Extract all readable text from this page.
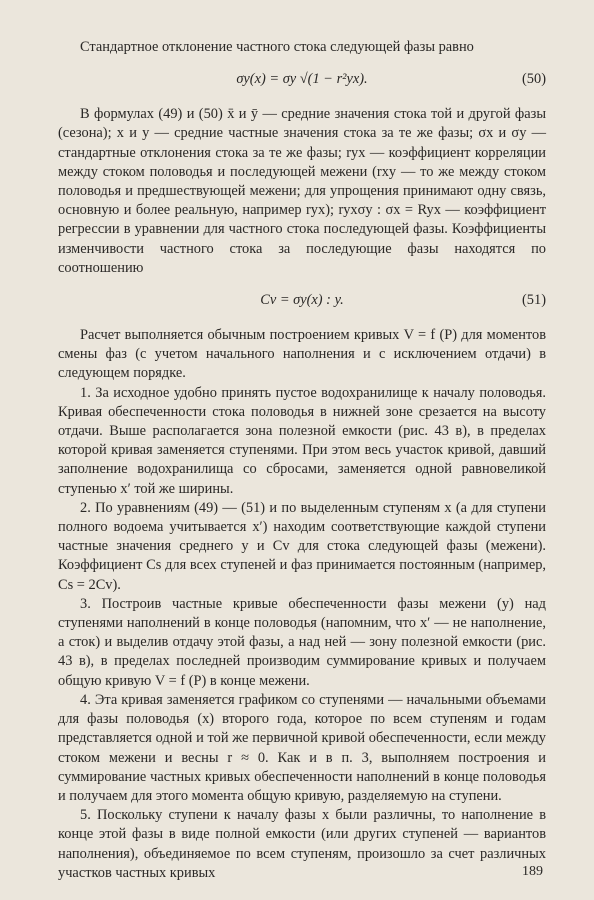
Стандартное отклонение частного стока следующей фазы равно

σy(x) = σy √(1 − r²yx).	(50)

В формулах (49) и (50) x̄ и ȳ — средние значения стока той и другой фазы (сезона); x и y — средние частные значения стока за те же фазы; σx и σy — стандартные отклонения стока за те же фазы; ryx — коэффициент корреляции между стоком половодья и последующей межени (rxy — то же между стоком половодья и предшествующей межени; для упрощения принимают одну связь, основную и более реальную, например ryx); ryxσy : σx = Ryx — коэффициент регрессии в уравнении для частного стока последующей фазы. Коэффициенты изменчивости частного стока за последующие фазы находятся по соотношению

Cv = σy(x) : y.	(51)

Расчет выполняется обычным построением кривых V = f (P) для моментов смены фаз (с учетом начального наполнения и с исключением отдачи) в следующем порядке.

1. За исходное удобно принять пустое водохранилище к началу половодья. Кривая обеспеченности стока половодья в нижней зоне срезается на высоту отдачи. Выше располагается зона полезной емкости (рис. 43 в), в пределах которой кривая заменяется ступенями. При этом весь участок кривой, давший заполнение водохранилища со сбросами, заменяется одной равновеликой ступенью x′ той же ширины.

2. По уравнениям (49) — (51) и по выделенным ступеням x (а для ступени полного водоема учитывается x′) находим соответствующие каждой ступени частные значения среднего y и Cv для стока следующей фазы (межени). Коэффициент Cs для всех ступеней и фаз принимается постоянным (например, Cs = 2Cv).

3. Построив частные кривые обеспеченности фазы межени (y) над ступенями наполнений в конце половодья (напомним, что x′ — не наполнение, а сток) и выделив отдачу этой фазы, а над ней — зону полезной емкости (рис. 43 в), в пределах последней производим суммирование кривых и получаем общую кривую V = f (P) в конце межени.

4. Эта кривая заменяется графиком со ступенями — начальными объемами для фазы половодья (x) второго года, которое по всем ступеням и годам представляется одной и той же первичной кривой обеспеченности, если между стоком межени и весны r ≈ 0. Как и в п. 3, выполняем построения и суммирование частных кривых обеспеченности наполнений в конце половодья и получаем для этого момента общую кривую, разделяемую на ступени.

5. Поскольку ступени к началу фазы x были различны, то наполнение в конце этой фазы в виде полной емкости (или других ступеней — вариантов наполнения), объединяемое по всем ступеням, произошло за счет различных участков частных кривых	189
